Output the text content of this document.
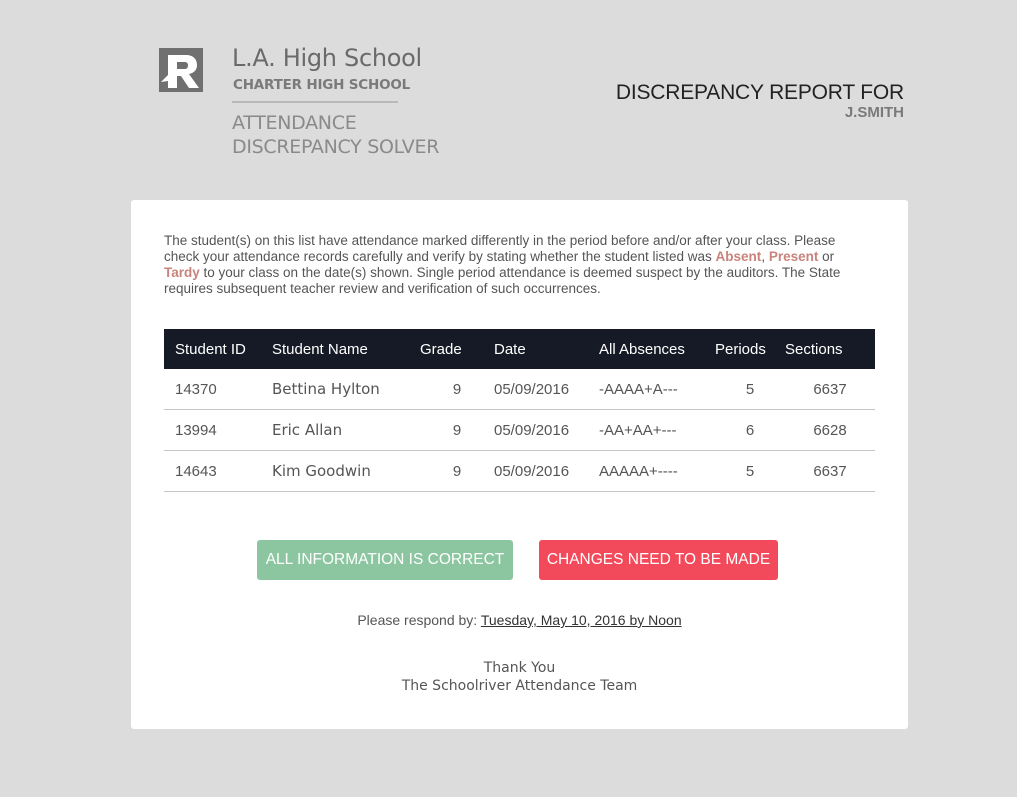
L.A. High School
CHARTER HIGH SCHOOL
ATTENDANCE
DISCREPANCY SOLVER
DISCREPANCY REPORT FOR
J.SMITH
The student(s) on this list have attendance marked differently in the period before and/or after your class. Please check your attendance records carefully and verify by stating whether the student listed was Absent, Present or Tardy to your class on the date(s) shown. Single period attendance is deemed suspect by the auditors. The State requires subsequent teacher review and verification of such occurrences.
Student ID	Student Name	Grade	Date	All Absences	Periods	Sections
14370	Bettina Hylton	9	05/09/2016	-AAAA+A---	5	6637
13994	Eric Allan	9	05/09/2016	-AA+AA+---	6	6628
14643	Kim Goodwin	9	05/09/2016	AAAAA+----	5	6637
ALL INFORMATION IS CORRECT	CHANGES NEED TO BE MADE
Please respond by: Tuesday, May 10, 2016 by Noon
Thank You
The Schoolriver Attendance Team
